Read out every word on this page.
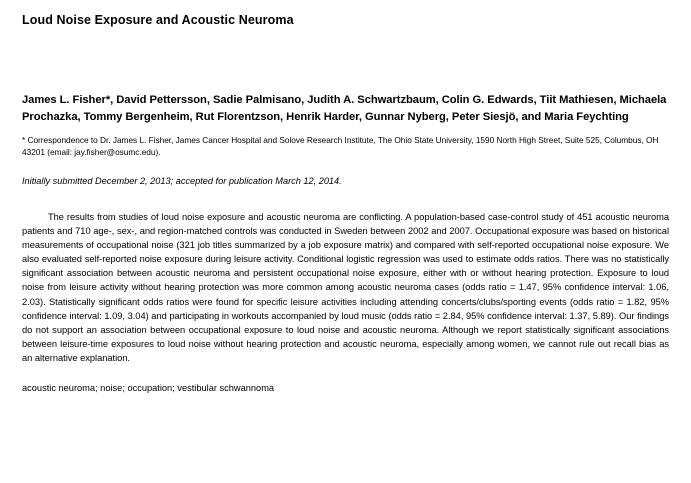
Loud Noise Exposure and Acoustic Neuroma
James L. Fisher*, David Pettersson, Sadie Palmisano, Judith A. Schwartzbaum, Colin G. Edwards, Tiit Mathiesen, Michaela Prochazka, Tommy Bergenheim, Rut Florentzson, Henrik Harder, Gunnar Nyberg, Peter Siesjö, and Maria Feychting
* Correspondence to Dr. James L. Fisher, James Cancer Hospital and Solove Research Institute, The Ohio State University, 1590 North High Street, Suite 525, Columbus, OH 43201 (email: jay.fisher@osumc.edu).
Initially submitted December 2, 2013; accepted for publication March 12, 2014.
The results from studies of loud noise exposure and acoustic neuroma are conflicting. A population-based case-control study of 451 acoustic neuroma patients and 710 age-, sex-, and region-matched controls was conducted in Sweden between 2002 and 2007. Occupational exposure was based on historical measurements of occupational noise (321 job titles summarized by a job exposure matrix) and compared with self-reported occupational noise exposure. We also evaluated self-reported noise exposure during leisure activity. Conditional logistic regression was used to estimate odds ratios. There was no statistically significant association between acoustic neuroma and persistent occupational noise exposure, either with or without hearing protection. Exposure to loud noise from leisure activity without hearing protection was more common among acoustic neuroma cases (odds ratio = 1.47, 95% confidence interval: 1.06, 2.03). Statistically significant odds ratios were found for specific leisure activities including attending concerts/clubs/sporting events (odds ratio = 1.82, 95% confidence interval: 1.09, 3.04) and participating in workouts accompanied by loud music (odds ratio = 2.84, 95% confidence interval: 1.37, 5.89). Our findings do not support an association between occupational exposure to loud noise and acoustic neuroma. Although we report statistically significant associations between leisure-time exposures to loud noise without hearing protection and acoustic neuroma, especially among women, we cannot rule out recall bias as an alternative explanation.
acoustic neuroma; noise; occupation; vestibular schwannoma
